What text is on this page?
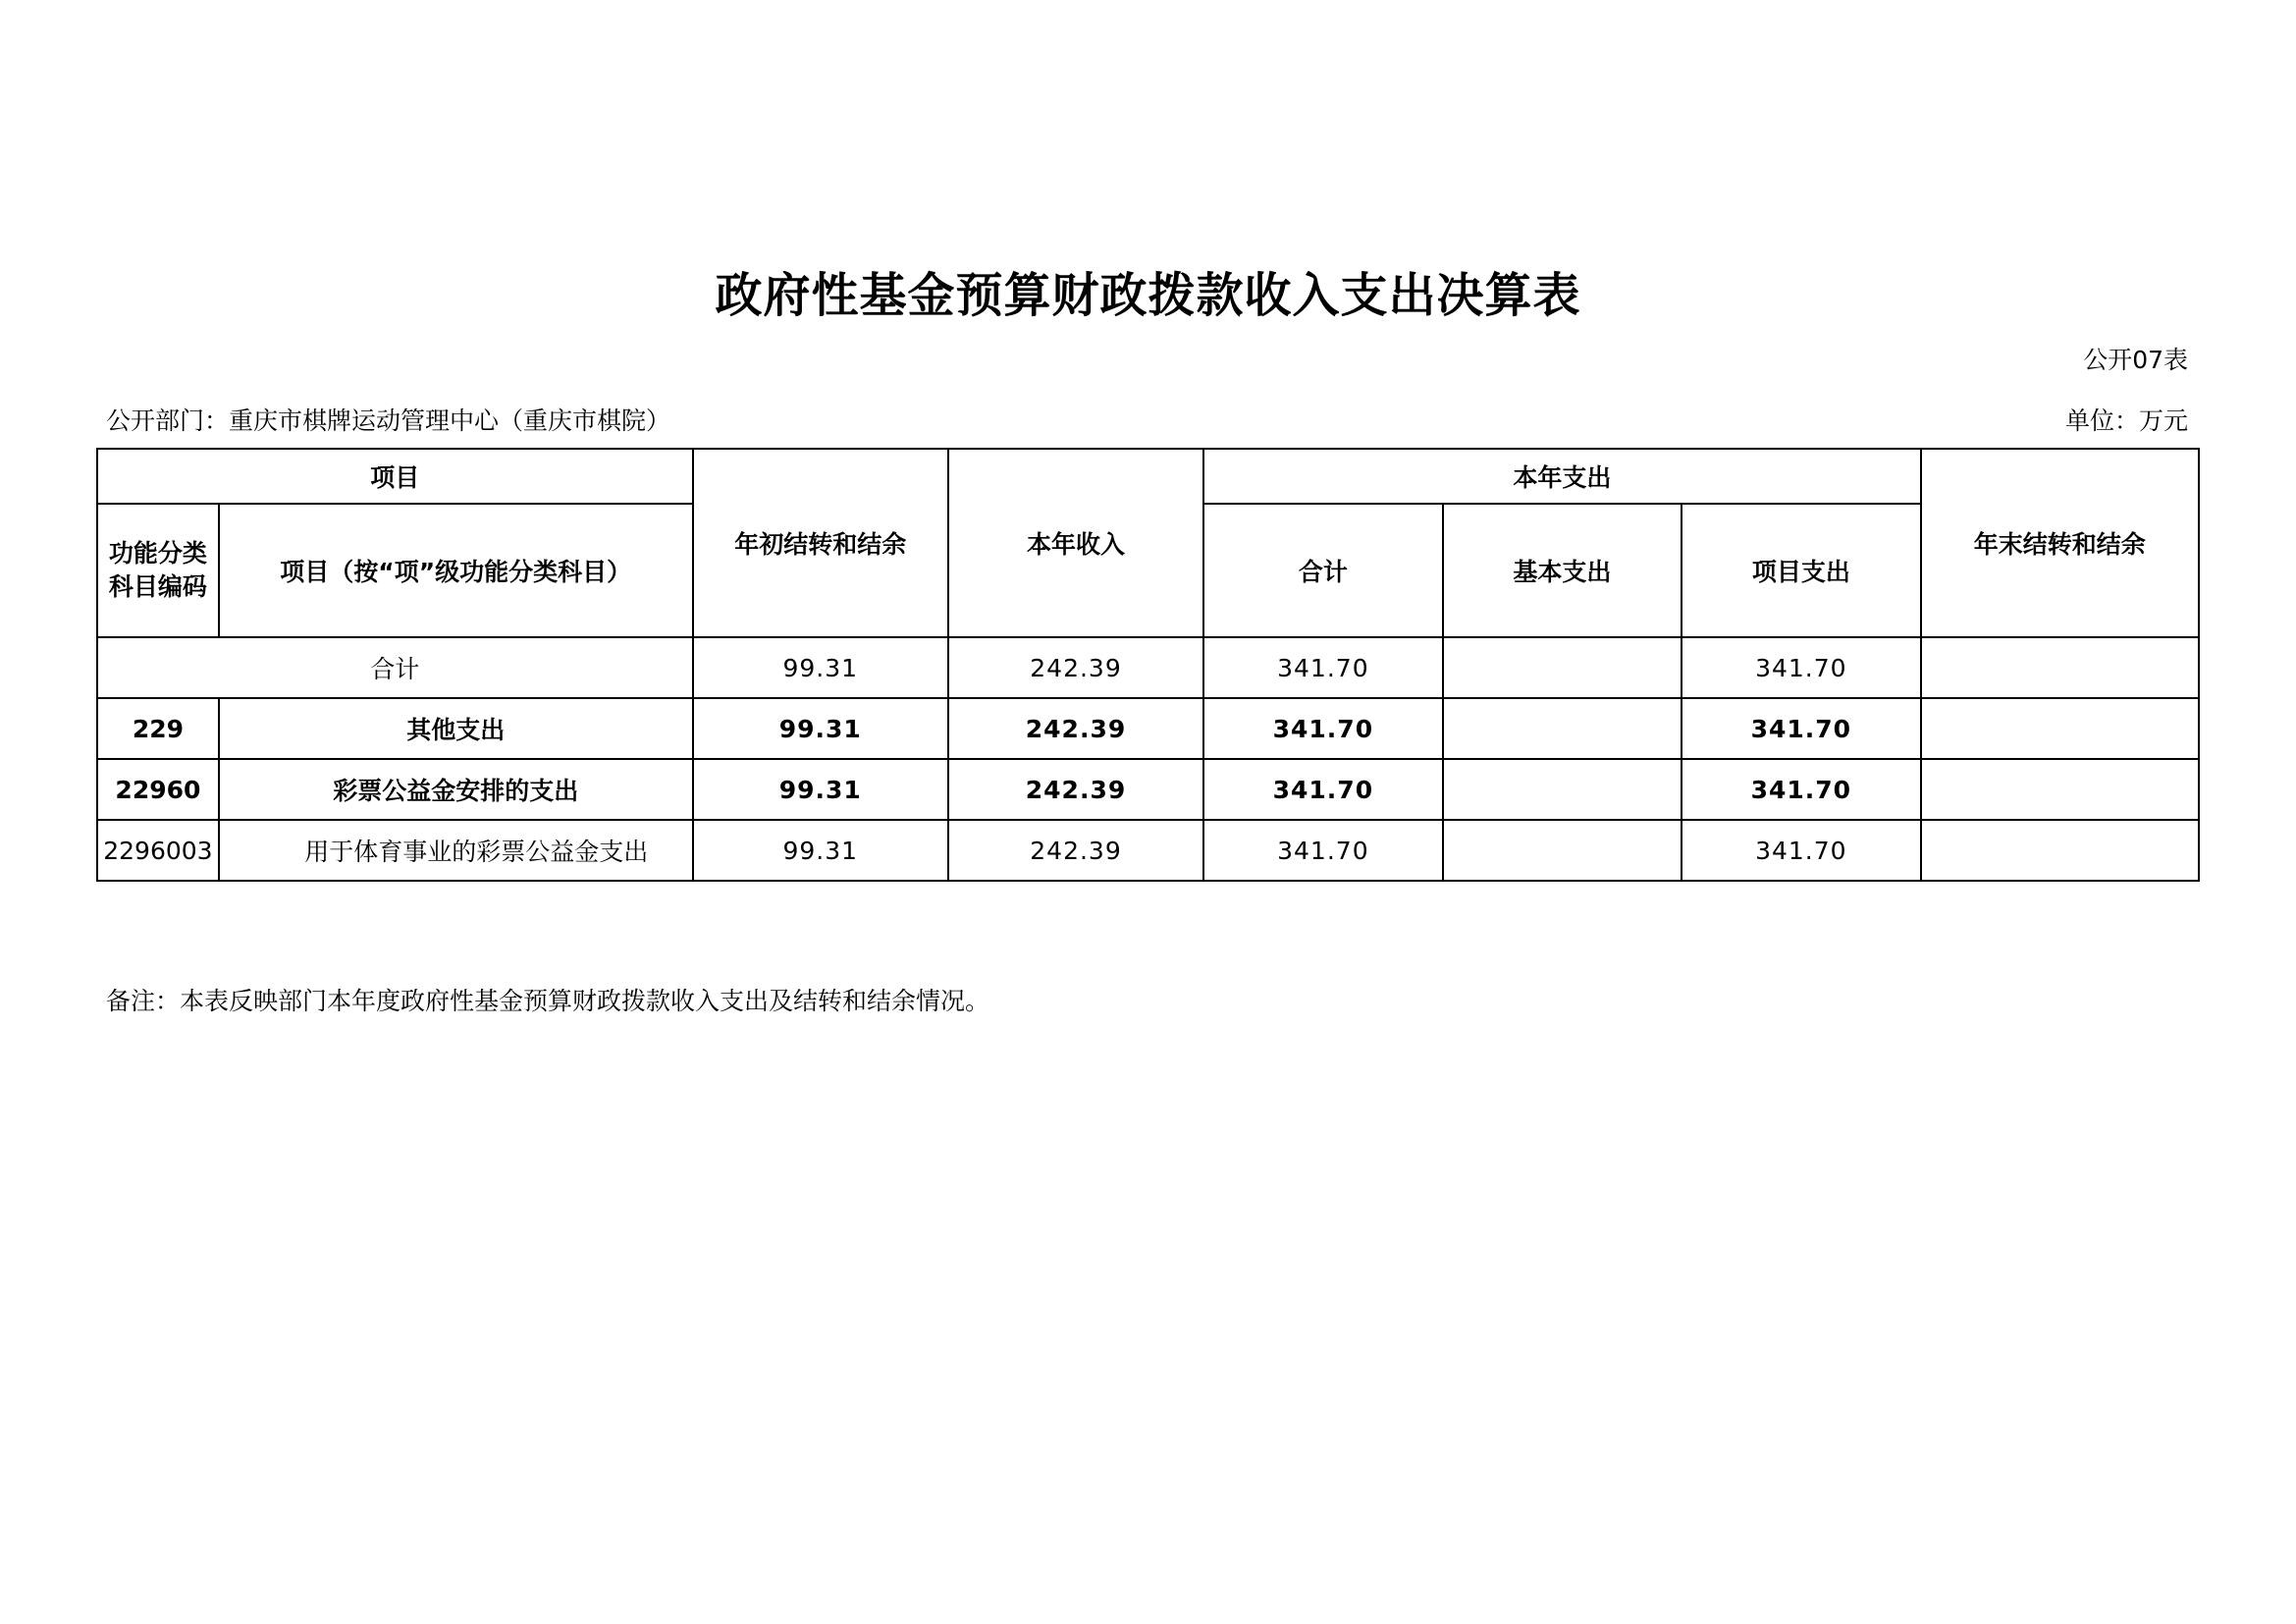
政府性基金预算财政拨款收入支出决算表
公开07表
公开部门：重庆市棋牌运动管理中心（重庆市棋院）	单位：万元
项目		年初结转和结余	本年收入	本年支出			年末结转和结余

功能分类
科目编码	项目（按“项”级功能分类科目）			合计	基本支出	项目支出	
合计		99.31	242.39	341.70		341.70	
229	其他支出	99.31	242.39	341.70		341.70	
22960	彩票公益金安排的支出	99.31	242.39	341.70		341.70	
2296003	用于体育事业的彩票公益金支出	99.31	242.39	341.70		341.70	
备注：本表反映部门本年度政府性基金预算财政拨款收入支出及结转和结余情况。
